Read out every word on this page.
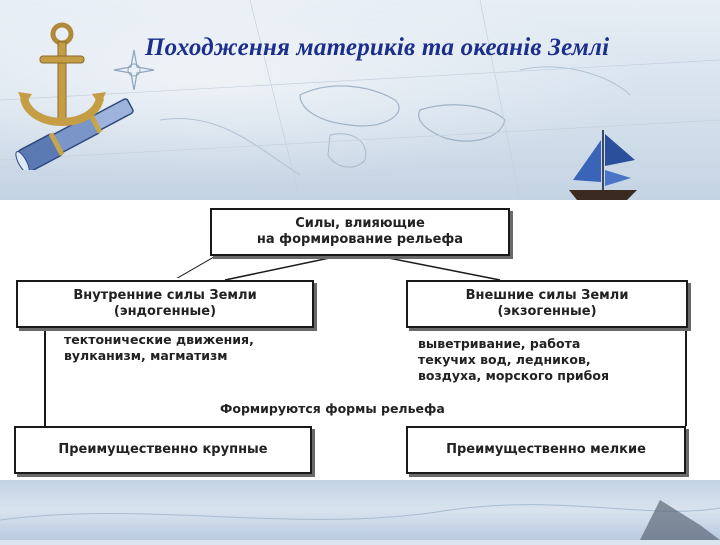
Походження материків та океанів Землі
Силы, влияющие
на формирование рельефа
Внутренние силы Земли
(эндогенные)
Внешние силы Земли
(экзогенные)
тектонические движения,
вулканизм, магматизм
выветривание, работа
текучих вод, ледников,
воздуха, морского прибоя
Формируются формы рельефа
Преимущественно крупные	Преимущественно мелкие
